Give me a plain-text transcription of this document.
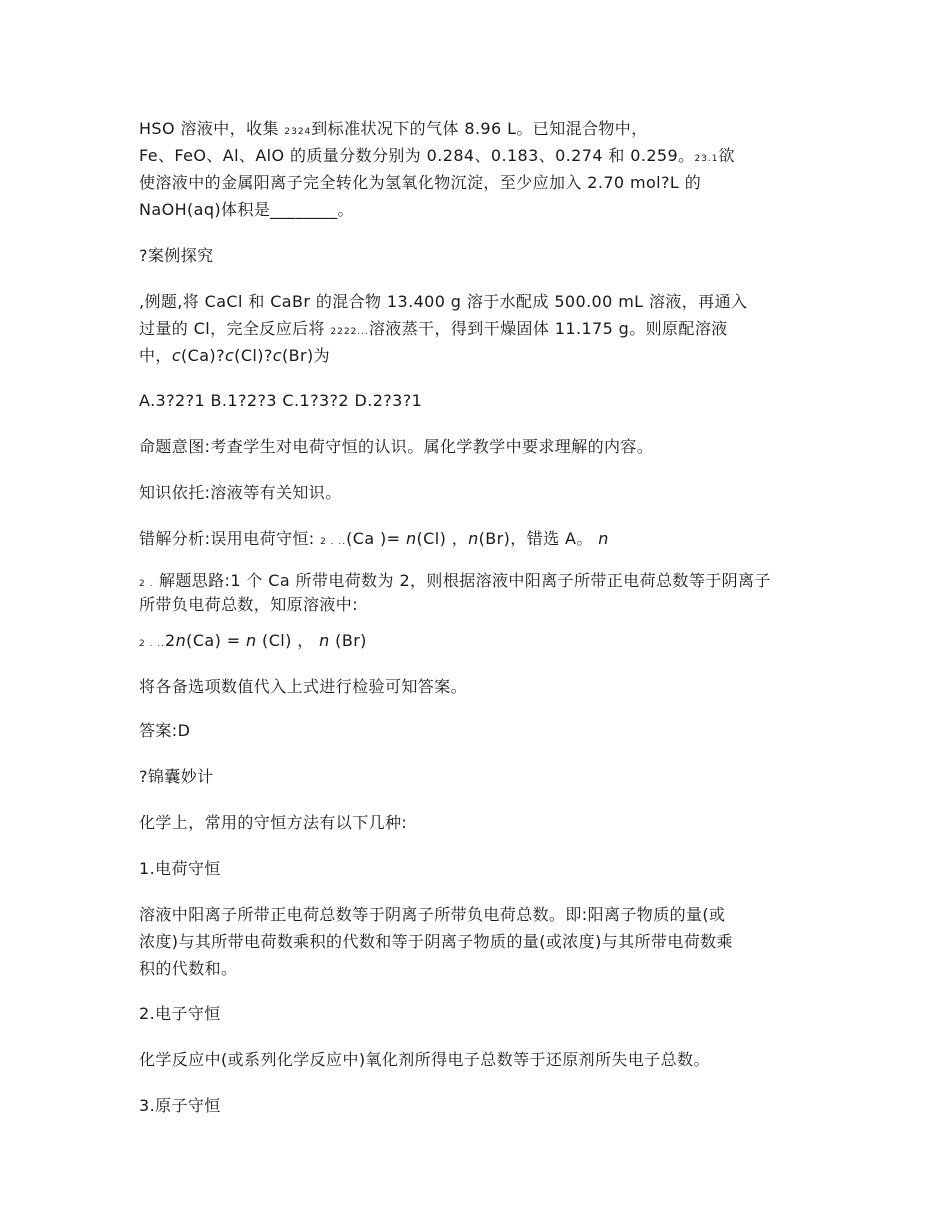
HSO 溶液中，收集 2324到标准状况下的气体 8.96 L。已知混合物中，
Fe、FeO、Al、AlO 的质量分数分别为 0.284、0.183、0.274 和 0.259。23.1欲
使溶液中的金属阳离子完全转化为氢氧化物沉淀，至少应加入 2.70 mol?L 的
NaOH(aq)体积是________。
?案例探究
,例题,将 CaCl 和 CaBr 的混合物 13.400 g 溶于水配成 500.00 mL 溶液，再通入
过量的 Cl，完全反应后将 2222...溶液蒸干，得到干燥固体 11.175 g。则原配溶液
中，c(Ca)?c(Cl)?c(Br)为
A.3?2?1 B.1?2?3 C.1?3?2 D.2?3?1
命题意图:考查学生对电荷守恒的认识。属化学教学中要求理解的内容。
知识依托:溶液等有关知识。
错解分析:误用电荷守恒: 2 . ..(Ca )= n(Cl) ，n(Br)，错选 A。 n
2 . 解题思路:1 个 Ca 所带电荷数为 2，则根据溶液中阳离子所带正电荷总数等于阴离子
所带负电荷总数，知原溶液中:
2 . ..2n(Ca) = n (Cl) ， n (Br)
将各备选项数值代入上式进行检验可知答案。
答案:D
?锦囊妙计
化学上，常用的守恒方法有以下几种:
1.电荷守恒
溶液中阳离子所带正电荷总数等于阴离子所带负电荷总数。即:阳离子物质的量(或
浓度)与其所带电荷数乘积的代数和等于阴离子物质的量(或浓度)与其所带电荷数乘
积的代数和。
2.电子守恒
化学反应中(或系列化学反应中)氧化剂所得电子总数等于还原剂所失电子总数。
3.原子守恒
